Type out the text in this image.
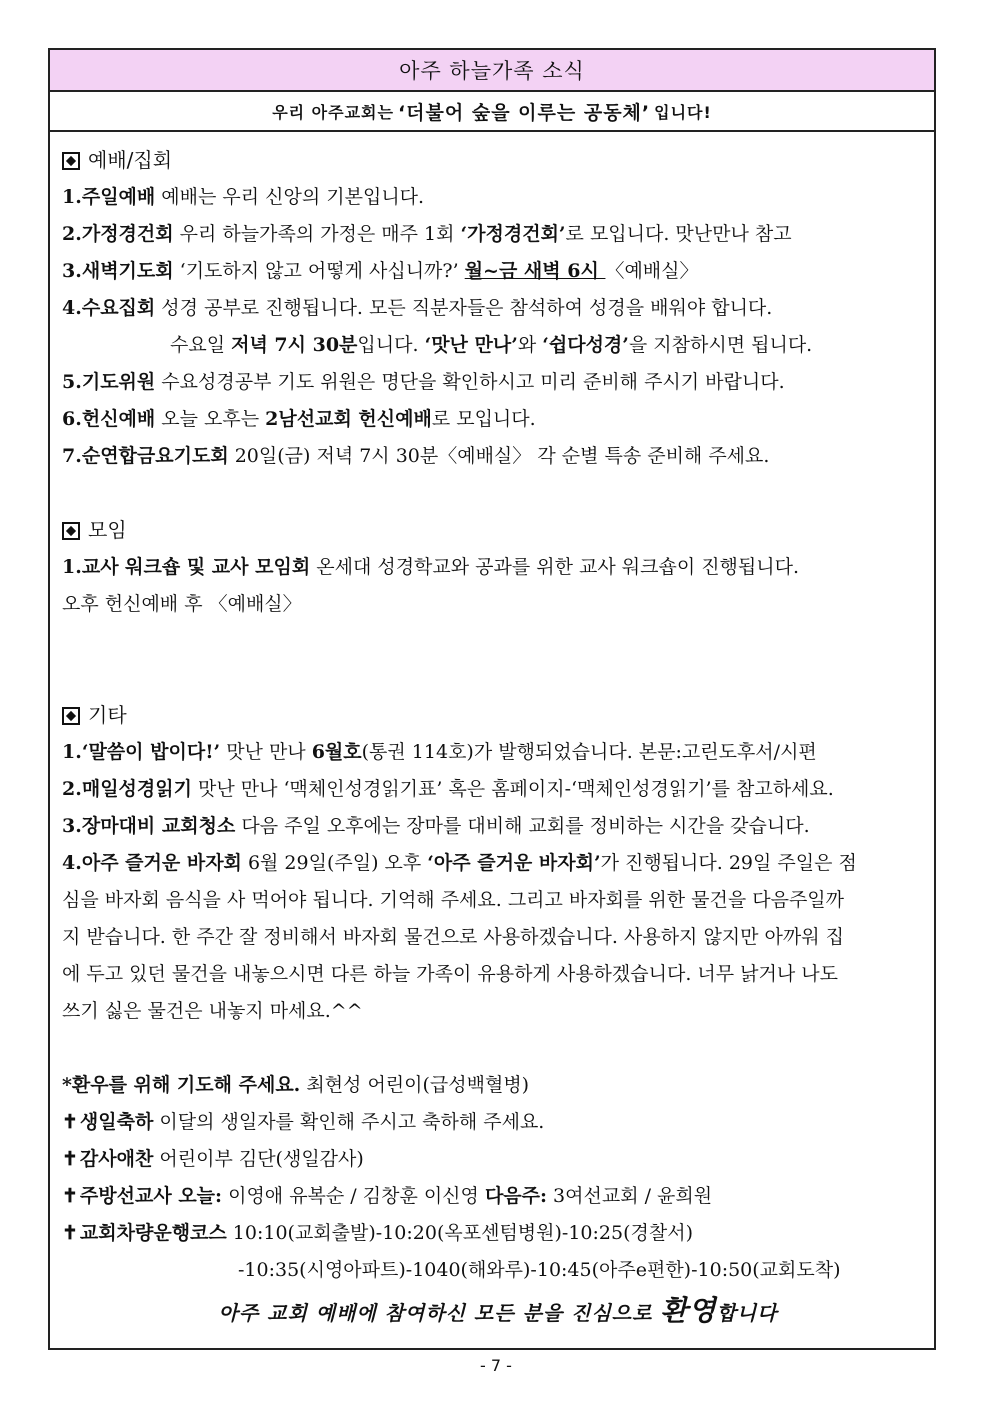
아주 하늘가족 소식
우리 아주교회는 ‘더불어 숲을 이루는 공동체’ 입니다!
예배/집회
1.주일예배 예배는 우리 신앙의 기본입니다.
2.가정경건회 우리 하늘가족의 가정은 매주 1회 ‘가정경건회’로 모입니다. 맛난만나 참고
3.새벽기도회 ‘기도하지 않고 어떻게 사십니까?’ 월~금 새벽 6시 〈예배실〉
4.수요집회 성경 공부로 진행됩니다. 모든 직분자들은 참석하여 성경을 배워야 합니다.
수요일 저녁 7시 30분입니다. ‘맛난 만나’와 ‘쉽다성경’을 지참하시면 됩니다.
5.기도위원 수요성경공부 기도 위원은 명단을 확인하시고 미리 준비해 주시기 바랍니다.
6.헌신예배 오늘 오후는 2남선교회 헌신예배로 모입니다.
7.순연합금요기도회 20일(금) 저녁 7시 30분〈예배실〉 각 순별 특송 준비해 주세요.
모임
1.교사 워크숍 및 교사 모임회 온세대 성경학교와 공과를 위한 교사 워크숍이 진행됩니다.
오후 헌신예배 후 〈예배실〉
기타
1.‘말씀이 밥이다!’ 맛난 만나 6월호(통권 114호)가 발행되었습니다. 본문:고린도후서/시편
2.매일성경읽기 맛난 만나 ‘맥체인성경읽기표’ 혹은 홈페이지-‘맥체인성경읽기’를 참고하세요.
3.장마대비 교회청소 다음 주일 오후에는 장마를 대비해 교회를 정비하는 시간을 갖습니다.
4.아주 즐거운 바자회 6월 29일(주일) 오후 ‘아주 즐거운 바자회’가 진행됩니다. 29일 주일은 점
심을 바자회 음식을 사 먹어야 됩니다. 기억해 주세요. 그리고 바자회를 위한 물건을 다음주일까
지 받습니다. 한 주간 잘 정비해서 바자회 물건으로 사용하겠습니다. 사용하지 않지만 아까워 집
에 두고 있던 물건을 내놓으시면 다른 하늘 가족이 유용하게 사용하겠습니다. 너무 낡거나 나도
쓰기 싫은 물건은 내놓지 마세요.^^
*환우를 위해 기도해 주세요. 최현성 어린이(급성백혈병)
✝ 생일축하 이달의 생일자를 확인해 주시고 축하해 주세요.
✝ 감사애찬 어린이부 김단(생일감사)
✝ 주방선교사 오늘: 이영애 유복순 / 김창훈 이신영 다음주: 3여선교회 / 윤희원
✝ 교회차량운행코스 10:10(교회출발)-10:20(옥포센텀병원)-10:25(경찰서)
-10:35(시영아파트)-1040(해와루)-10:45(아주e편한)-10:50(교회도착)
아주 교회 예배에 참여하신 모든 분을 진심으로 환영합니다
- 7 -
